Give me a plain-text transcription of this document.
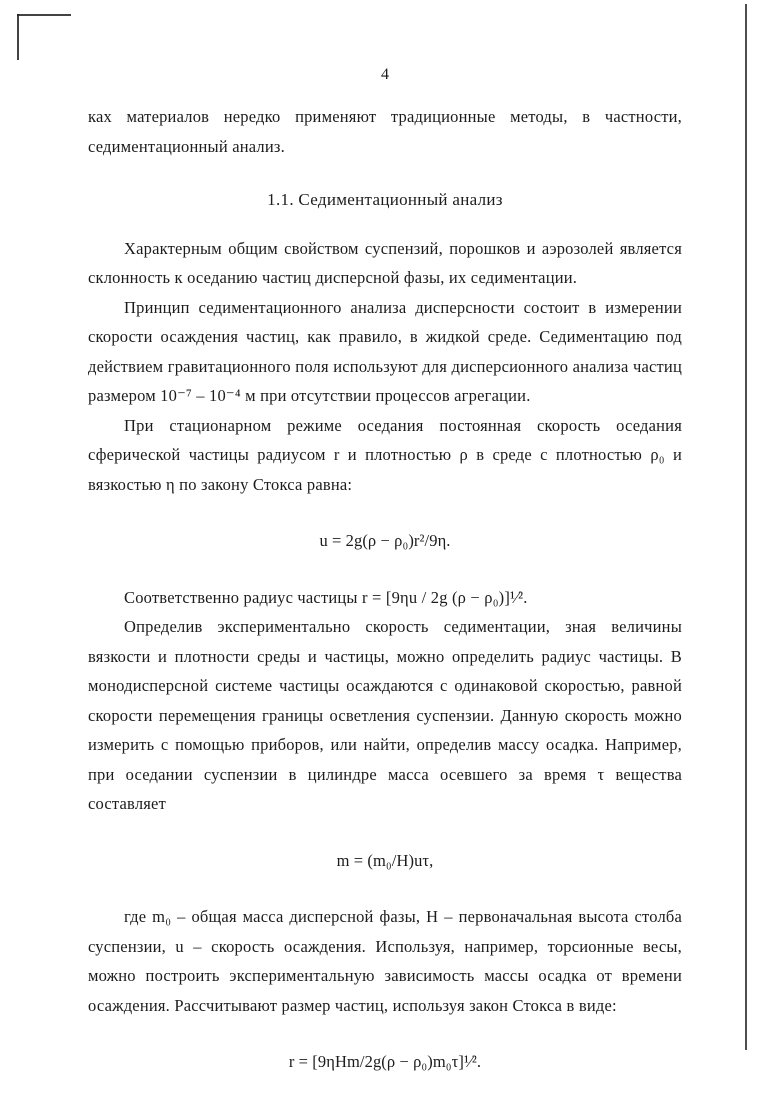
4

ках материалов нередко применяют традиционные методы, в частности, седиментационный анализ.

1.1. Седиментационный анализ

Характерным общим свойством суспензий, порошков и аэрозолей является склонность к оседанию частиц дисперсной фазы, их седиментации.

Принцип седиментационного анализа дисперсности состоит в измерении скорости осаждения частиц, как правило, в жидкой среде. Седиментацию под действием гравитационного поля используют для дисперсионного анализа частиц размером 10⁻⁷ – 10⁻⁴ м при отсутствии процессов агрегации.

При стационарном режиме оседания постоянная скорость оседания сферической частицы радиусом r и плотностью ρ в среде с плотностью ρ₀ и вязкостью η по закону Стокса равна:

u = 2g(ρ − ρ₀)r²/9η.

Соответственно радиус частицы r = [9ηu / 2g (ρ − ρ₀)]¹⁄².

Определив экспериментально скорость седиментации, зная величины вязкости и плотности среды и частицы, можно определить радиус частицы. В монодисперсной системе частицы осаждаются с одинаковой скоростью, равной скорости перемещения границы осветления суспензии. Данную скорость можно измерить с помощью приборов, или найти, определив массу осадка. Например, при оседании суспензии в цилиндре масса осевшего за время τ вещества составляет

m = (m₀/H)uτ,

где m₀ – общая масса дисперсной фазы, H – первоначальная высота столба суспензии, u – скорость осаждения. Используя, например, торсионные весы, можно построить экспериментальную зависимость массы осадка от времени осаждения. Рассчитывают размер частиц, используя закон Стокса в виде:

r = [9ηHm/2g(ρ − ρ₀)m₀τ]¹⁄².
